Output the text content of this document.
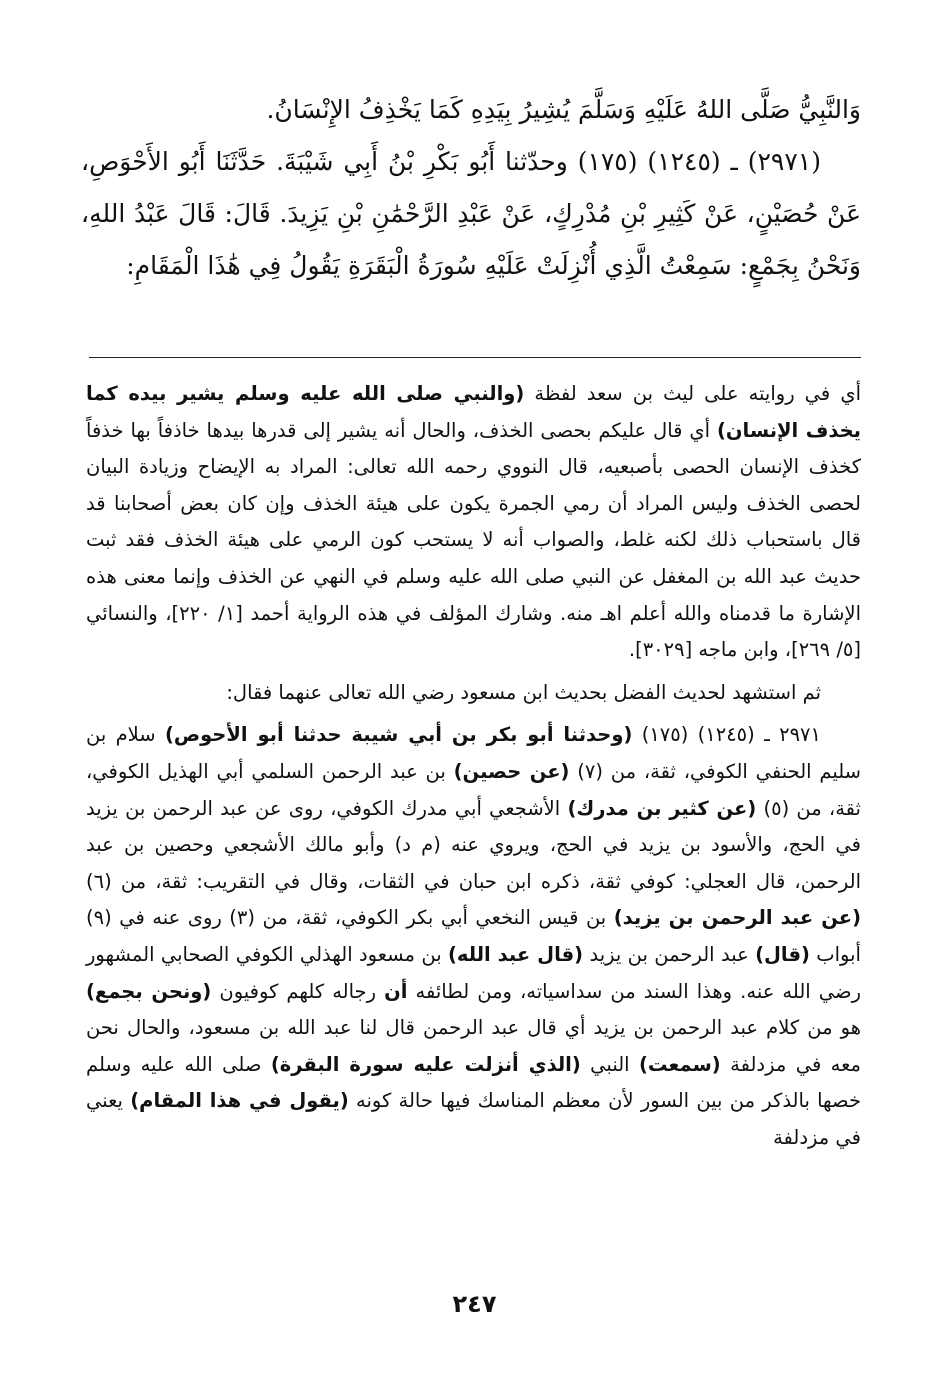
وَالنَّبِيُّ صَلَّى اللهُ عَلَيْهِ وَسَلَّمَ يُشِيرُ بِيَدِهِ كَمَا يَخْذِفُ الإِنْسَانُ.

(٢٩٧١) ـ (١٢٤٥) (١٧٥) وحدّثنا أَبُو بَكْرِ بْنُ أَبِي شَيْبَةَ. حَدَّثَنَا أَبُو الأَحْوَصِ، عَنْ حُصَيْنٍ، عَنْ كَثِيرِ بْنِ مُدْرِكٍ، عَنْ عَبْدِ الرَّحْمَٰنِ بْنِ يَزِيدَ. قَالَ: قَالَ عَبْدُ اللهِ، وَنَحْنُ بِجَمْعٍ: سَمِعْتُ الَّذِي أُنْزِلَتْ عَلَيْهِ سُورَةُ الْبَقَرَةِ يَقُولُ فِي هَٰذَا الْمَقَامِ:

أي في روايته على ليث بن سعد لفظة (والنبي صلى الله عليه وسلم يشير بيده كما يخذف الإنسان) أي قال عليكم بحصى الخذف، والحال أنه يشير إلى قدرها بيدها خاذفاً بها خذفاً كخذف الإنسان الحصى بأصبعيه، قال النووي رحمه الله تعالى: المراد به الإيضاح وزيادة البيان لحصى الخذف وليس المراد أن رمي الجمرة يكون على هيئة الخذف وإن كان بعض أصحابنا قد قال باستحباب ذلك لكنه غلط، والصواب أنه لا يستحب كون الرمي على هيئة الخذف فقد ثبت حديث عبد الله بن المغفل عن النبي صلى الله عليه وسلم في النهي عن الخذف وإنما معنى هذه الإشارة ما قدمناه والله أعلم اهـ منه. وشارك المؤلف في هذه الرواية أحمد [١/ ٢٢٠]، والنسائي [٥/ ٢٦٩]، وابن ماجه [٣٠٢٩].

ثم استشهد لحديث الفضل بحديث ابن مسعود رضي الله تعالى عنهما فقال:

٢٩٧١ ـ (١٢٤٥) (١٧٥) (وحدثنا أبو بكر بن أبي شيبة حدثنا أبو الأحوص) سلام بن سليم الحنفي الكوفي، ثقة، من (٧) (عن حصين) بن عبد الرحمن السلمي أبي الهذيل الكوفي، ثقة، من (٥) (عن كثير بن مدرك) الأشجعي أبي مدرك الكوفي، روى عن عبد الرحمن بن يزيد في الحج، والأسود بن يزيد في الحج، ويروي عنه (م د) وأبو مالك الأشجعي وحصين بن عبد الرحمن، قال العجلي: كوفي ثقة، ذكره ابن حبان في الثقات، وقال في التقريب: ثقة، من (٦) (عن عبد الرحمن بن يزيد) بن قيس النخعي أبي بكر الكوفي، ثقة، من (٣) روى عنه في (٩) أبواب (قال) عبد الرحمن بن يزيد (قال عبد الله) بن مسعود الهذلي الكوفي الصحابي المشهور رضي الله عنه. وهذا السند من سداسياته، ومن لطائفه أن رجاله كلهم كوفيون (ونحن بجمع) هو من كلام عبد الرحمن بن يزيد أي قال عبد الرحمن قال لنا عبد الله بن مسعود، والحال نحن معه في مزدلفة (سمعت) النبي (الذي أنزلت عليه سورة البقرة) صلى الله عليه وسلم خصها بالذكر من بين السور لأن معظم المناسك فيها حالة كونه (يقول في هذا المقام) يعني في مزدلفة

٢٤٧
